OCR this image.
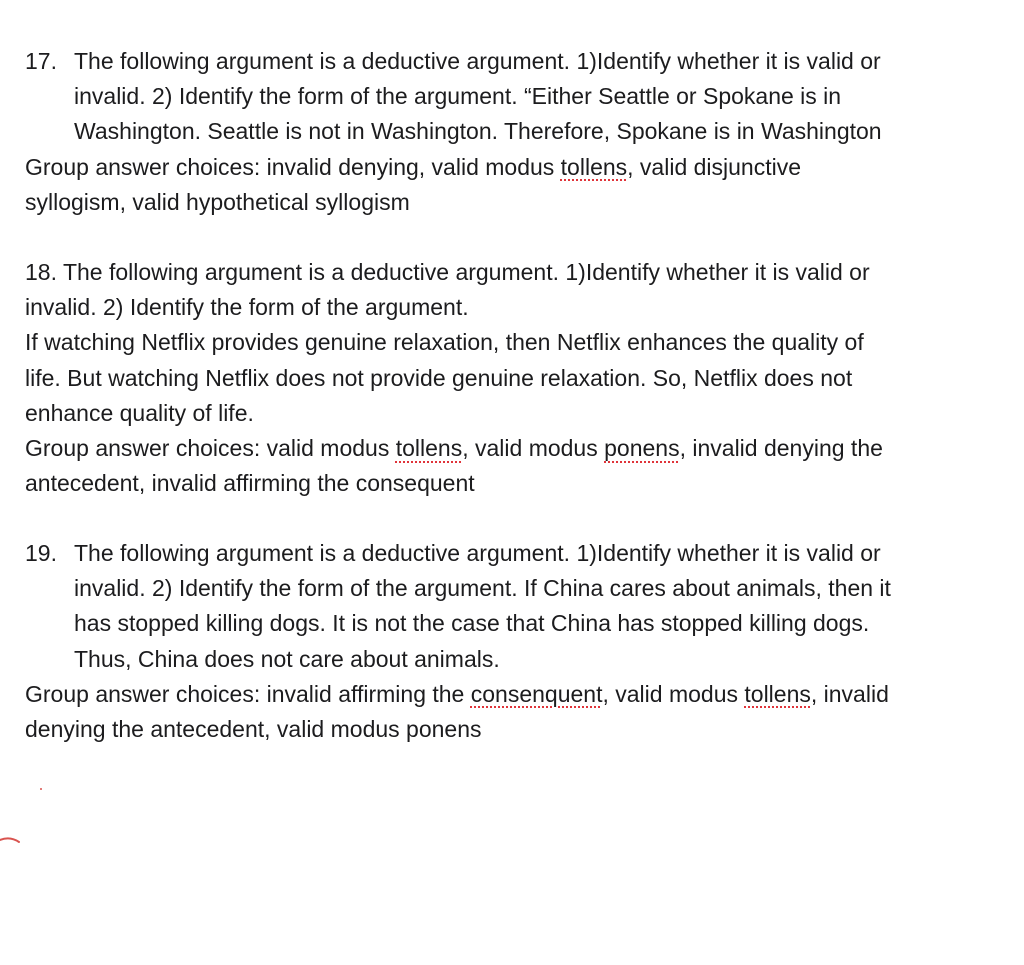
17. The following argument is a deductive argument. 1)Identify whether it is valid or
invalid. 2) Identify the form of the argument. “Either Seattle or Spokane is in
Washington. Seattle is not in Washington. Therefore, Spokane is in Washington
Group answer choices: invalid denying, valid modus tollens, valid disjunctive
syllogism, valid hypothetical syllogism
18. The following argument is a deductive argument. 1)Identify whether it is valid or
invalid. 2) Identify the form of the argument.
If watching Netflix provides genuine relaxation, then Netflix enhances the quality of
life. But watching Netflix does not provide genuine relaxation. So, Netflix does not
enhance quality of life.
Group answer choices: valid modus tollens, valid modus ponens, invalid denying the
antecedent, invalid affirming the consequent
19. The following argument is a deductive argument. 1)Identify whether it is valid or
invalid. 2) Identify the form of the argument. If China cares about animals, then it
has stopped killing dogs. It is not the case that China has stopped killing dogs.
Thus, China does not care about animals.
Group answer choices: invalid affirming the consenquent, valid modus tollens, invalid
denying the antecedent, valid modus ponens
